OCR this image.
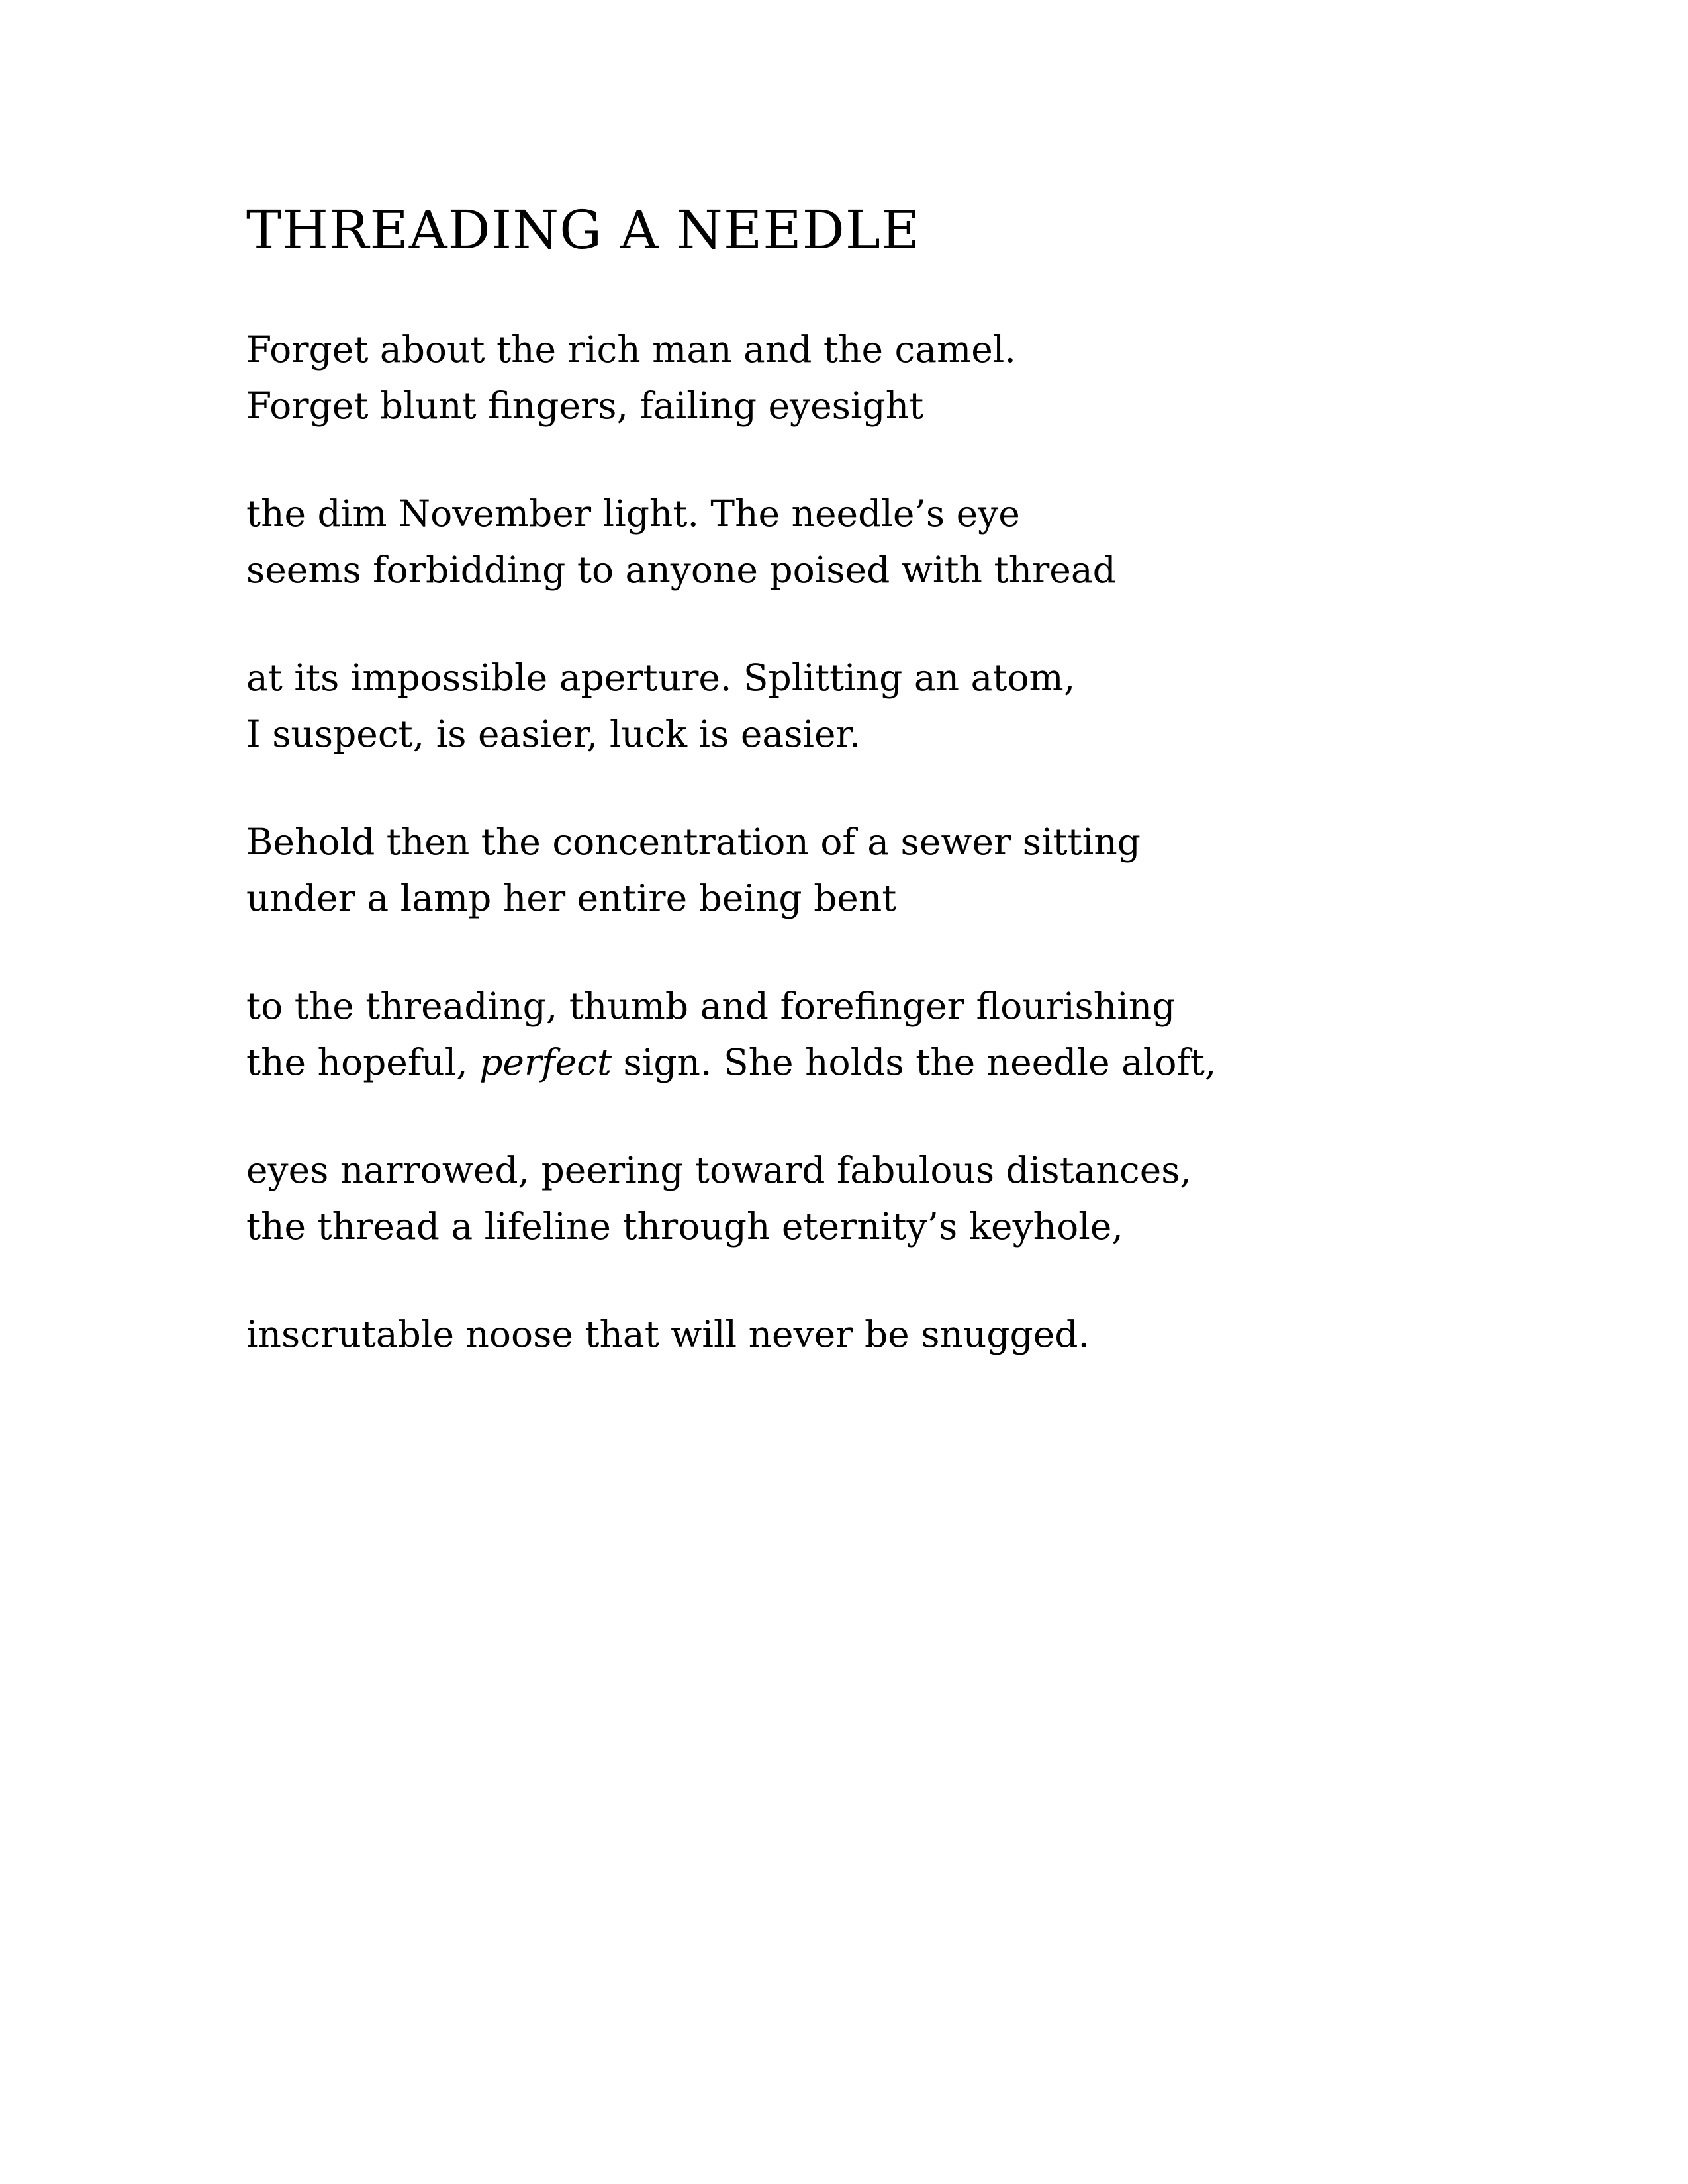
THREADING A NEEDLE
Forget about the rich man and the camel.
Forget blunt fingers, failing eyesight
the dim November light. The needle’s eye
seems forbidding to anyone poised with thread
at its impossible aperture. Splitting an atom,
I suspect, is easier, luck is easier.
Behold then the concentration of a sewer sitting
under a lamp her entire being bent
to the threading, thumb and forefinger flourishing
the hopeful, perfect sign. She holds the needle aloft,
eyes narrowed, peering toward fabulous distances,
the thread a lifeline through eternity’s keyhole,
inscrutable noose that will never be snugged.
